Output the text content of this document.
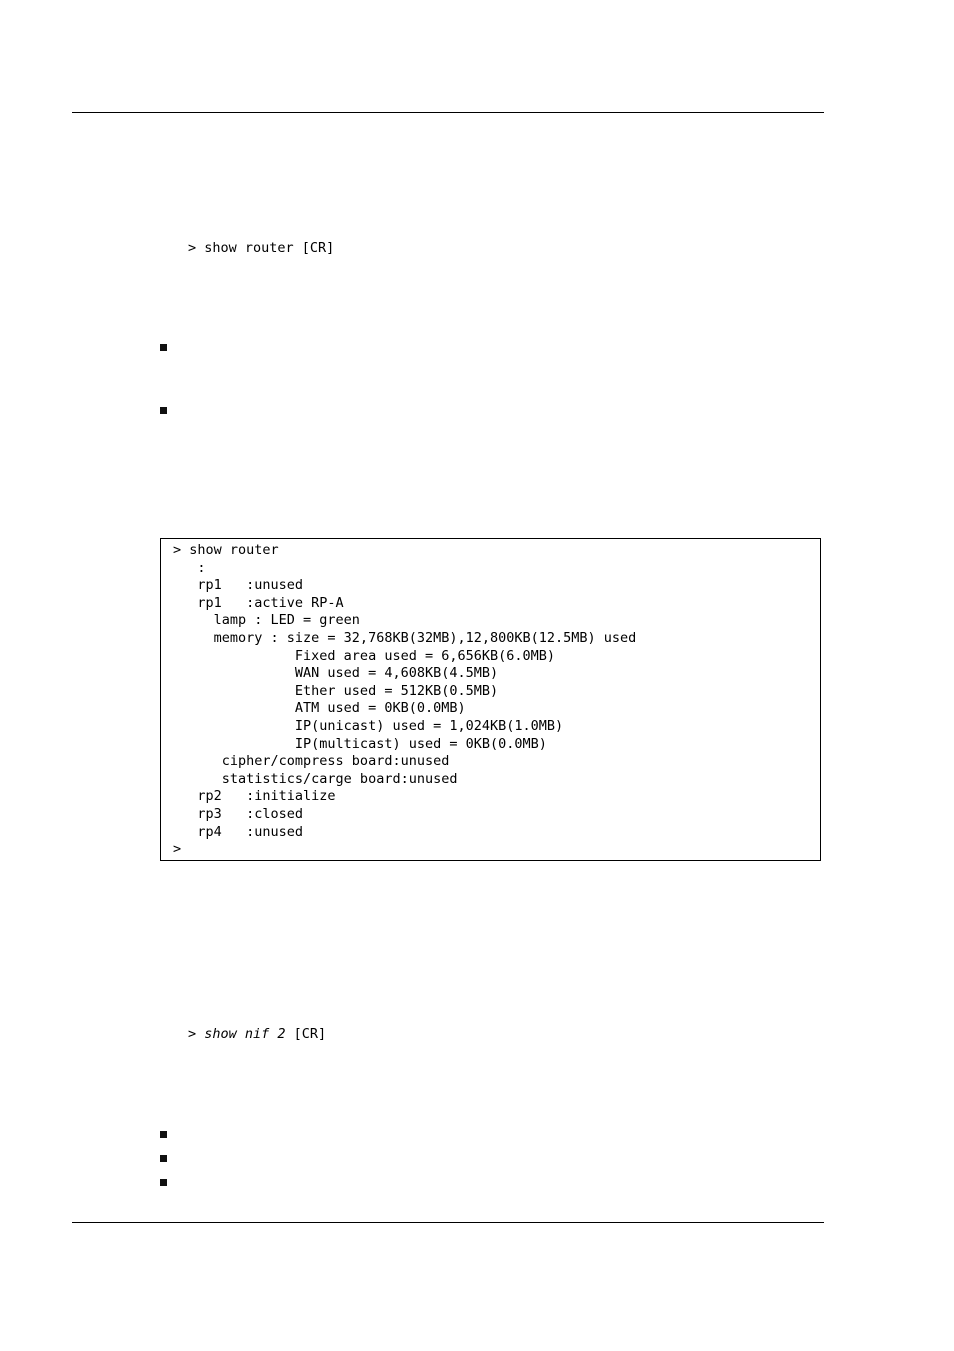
> show router [CR]
> show router
:
rp1   :unused
rp1   :active RP-A
lamp : LED = green
memory : size = 32,768KB(32MB),12,800KB(12.5MB) used
Fixed area used = 6,656KB(6.0MB)
WAN used = 4,608KB(4.5MB)
Ether used = 512KB(0.5MB)
ATM used = 0KB(0.0MB)
IP(unicast) used = 1,024KB(1.0MB)
IP(multicast) used = 0KB(0.0MB)
cipher/compress board:unused
statistics/carge board:unused
rp2   :initialize
rp3   :closed
rp4   :unused
>
> show nif 2 [CR]
